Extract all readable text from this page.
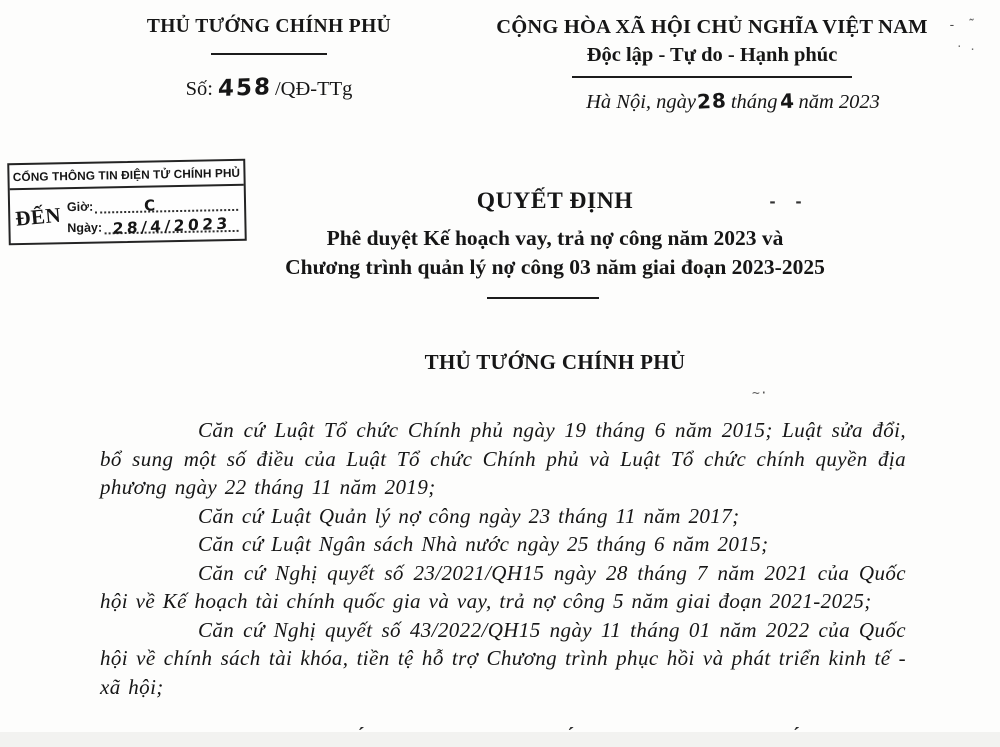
THỦ TƯỚNG CHÍNH PHỦ
Số: 458 /QĐ-TTg
CỘNG HÒA XÃ HỘI CHỦ NGHĨA VIỆT NAM
Độc lập - Tự do - Hạnh phúc
Hà Nội, ngày28 tháng4 năm 2023
CỔNG THÔNG TIN ĐIỆN TỬ CHÍNH PHỦ
ĐẾN Giờ:	C
Ngày: 28/4/2023
QUYẾT ĐỊNH
Phê duyệt Kế hoạch vay, trả nợ công năm 2023 và
Chương trình quản lý nợ công 03 năm giai đoạn 2023-2025
THỦ TƯỚNG CHÍNH PHỦ

Căn cứ Luật Tổ chức Chính phủ ngày 19 tháng 6 năm 2015; Luật sửa đổi, bổ sung một số điều của Luật Tổ chức Chính phủ và Luật Tổ chức chính quyền địa phương ngày 22 tháng 11 năm 2019;

Căn cứ Luật Quản lý nợ công ngày 23 tháng 11 năm 2017;

Căn cứ Luật Ngân sách Nhà nước ngày 25 tháng 6 năm 2015;

Căn cứ Nghị quyết số 23/2021/QH15 ngày 28 tháng 7 năm 2021 của Quốc hội về Kế hoạch tài chính quốc gia và vay, trả nợ công 5 năm giai đoạn 2021-2025;

Căn cứ Nghị quyết số 43/2022/QH15 ngày 11 tháng 01 năm 2022 của Quốc hội về chính sách tài khóa, tiền tệ hỗ trợ Chương trình phục hồi và phát triển kinh tế - xã hội;

- ˜
· .
- -
~·
ˊ	ˊ	ˊ
